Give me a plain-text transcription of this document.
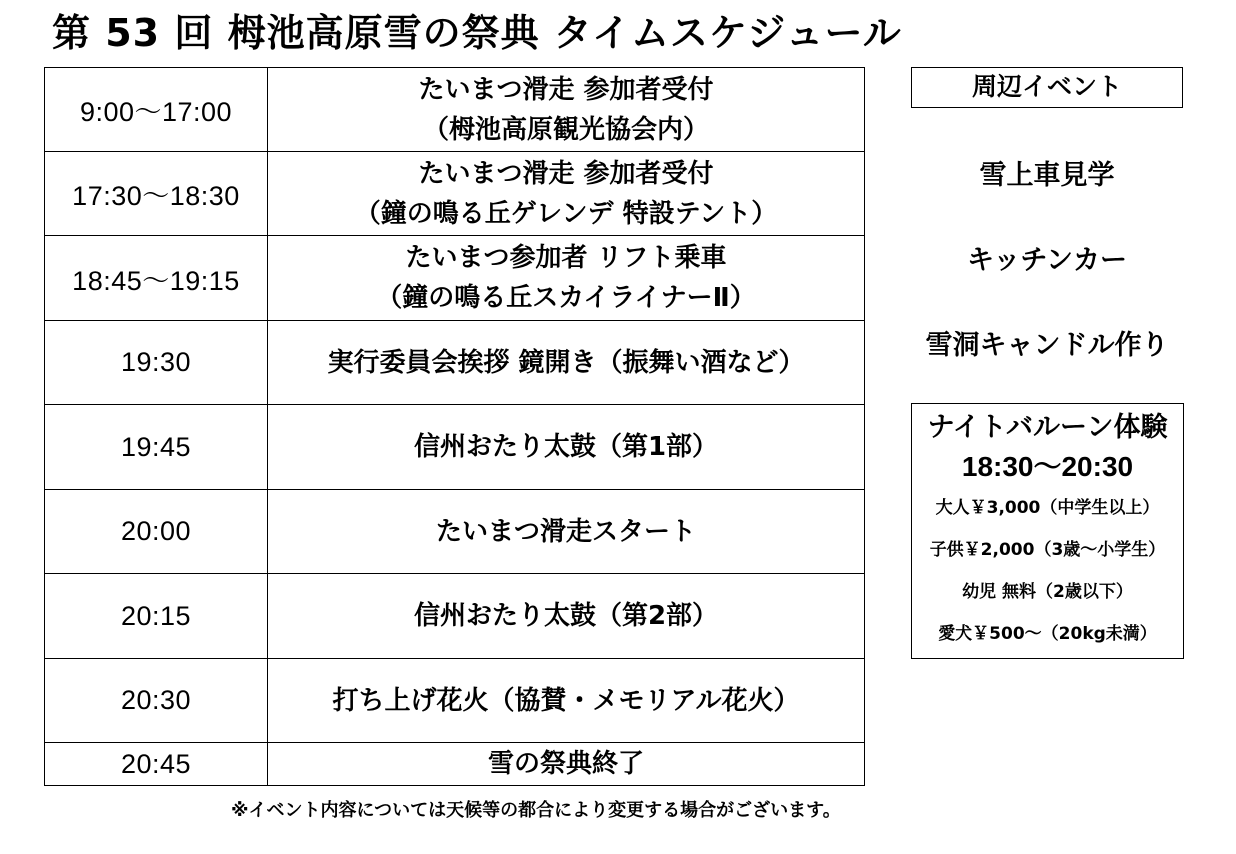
第 53 回 栂池高原雪の祭典 タイムスケジュール
9:00～17:00	たいまつ滑走 参加者受付
（栂池高原観光協会内）

17:30～18:30	たいまつ滑走 参加者受付
（鐘の鳴る丘ゲレンデ 特設テント）

18:45～19:15	たいまつ参加者 リフト乗車
（鐘の鳴る丘スカイライナーⅡ）

19:30	実行委員会挨拶 鏡開き（振舞い酒など）

19:45	信州おたり太鼓（第1部）

20:00	たいまつ滑走スタート

20:15	信州おたり太鼓（第2部）

20:30	打ち上げ花火（協賛・メモリアル花火）

20:45	雪の祭典終了
周辺イベント
雪上車見学
キッチンカー
雪洞キャンドル作り
ナイトバルーン体験
18:30～20:30
大人￥3,000（中学生以上）
子供￥2,000（3歳～小学生）
幼児 無料（2歳以下）
愛犬￥500～（20kg未満）
※イベント内容については天候等の都合により変更する場合がございます。
